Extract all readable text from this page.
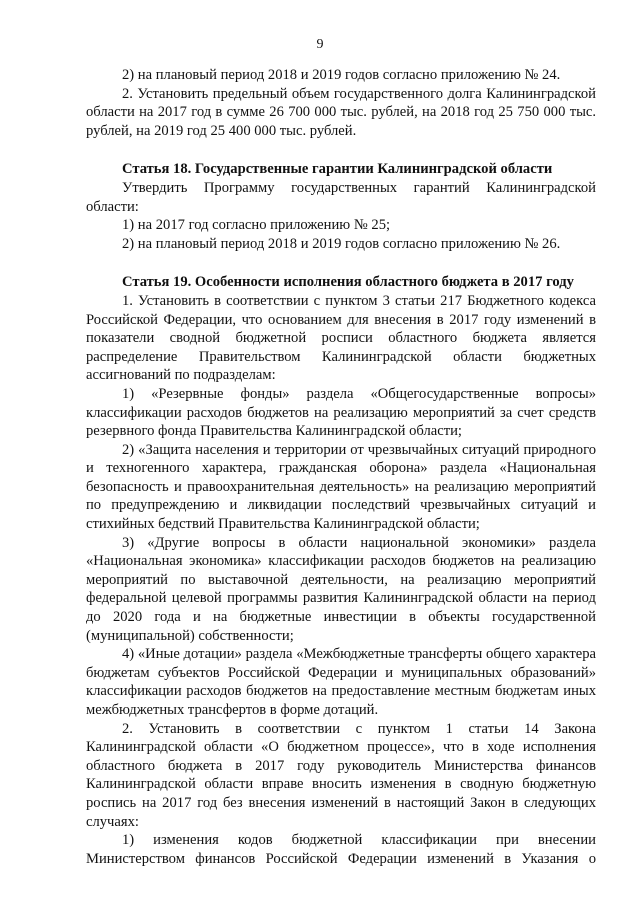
9

2) на плановый период 2018 и 2019 годов согласно приложению № 24.

2. Установить предельный объем государственного долга Калининградской области на 2017 год в сумме 26 700 000 тыс. рублей, на 2018 год 25 750 000 тыс. рублей, на 2019 год 25 400 000 тыс. рублей.

Статья 18. Государственные гарантии Калининградской области

Утвердить Программу государственных гарантий Калининградской области:

1) на 2017 год согласно приложению № 25;

2) на плановый период 2018 и 2019 годов согласно приложению № 26.

Статья 19. Особенности исполнения областного бюджета в 2017 году

1. Установить в соответствии с пунктом 3 статьи 217 Бюджетного кодекса Российской Федерации, что основанием для внесения в 2017 году изменений в показатели сводной бюджетной росписи областного бюджета является распределение Правительством Калининградской области бюджетных ассигнований по подразделам:

1) «Резервные фонды» раздела «Общегосударственные вопросы» классификации расходов бюджетов на реализацию мероприятий за счет средств резервного фонда Правительства Калининградской области;

2) «Защита населения и территории от чрезвычайных ситуаций природного и техногенного характера, гражданская оборона» раздела «Национальная безопасность и правоохранительная деятельность» на реализацию мероприятий по предупреждению и ликвидации последствий чрезвычайных ситуаций и стихийных бедствий Правительства Калининградской области;

3) «Другие вопросы в области национальной экономики» раздела «Национальная экономика» классификации расходов бюджетов на реализацию мероприятий по выставочной деятельности, на реализацию мероприятий федеральной целевой программы развития Калининградской области на период до 2020 года и на бюджетные инвестиции в объекты государственной (муниципальной) собственности;

4) «Иные дотации» раздела «Межбюджетные трансферты общего характера бюджетам субъектов Российской Федерации и муниципальных образований» классификации расходов бюджетов на предоставление местным бюджетам иных межбюджетных трансфертов в форме дотаций.

2. Установить в соответствии с пунктом 1 статьи 14 Закона Калининградской области «О бюджетном процессе», что в ходе исполнения областного бюджета в 2017 году руководитель Министерства финансов Калининградской области вправе вносить изменения в сводную бюджетную роспись на 2017 год без внесения изменений в настоящий Закон в следующих случаях:

1) изменения кодов бюджетной классификации при внесении Министерством финансов Российской Федерации изменений в Указания о
